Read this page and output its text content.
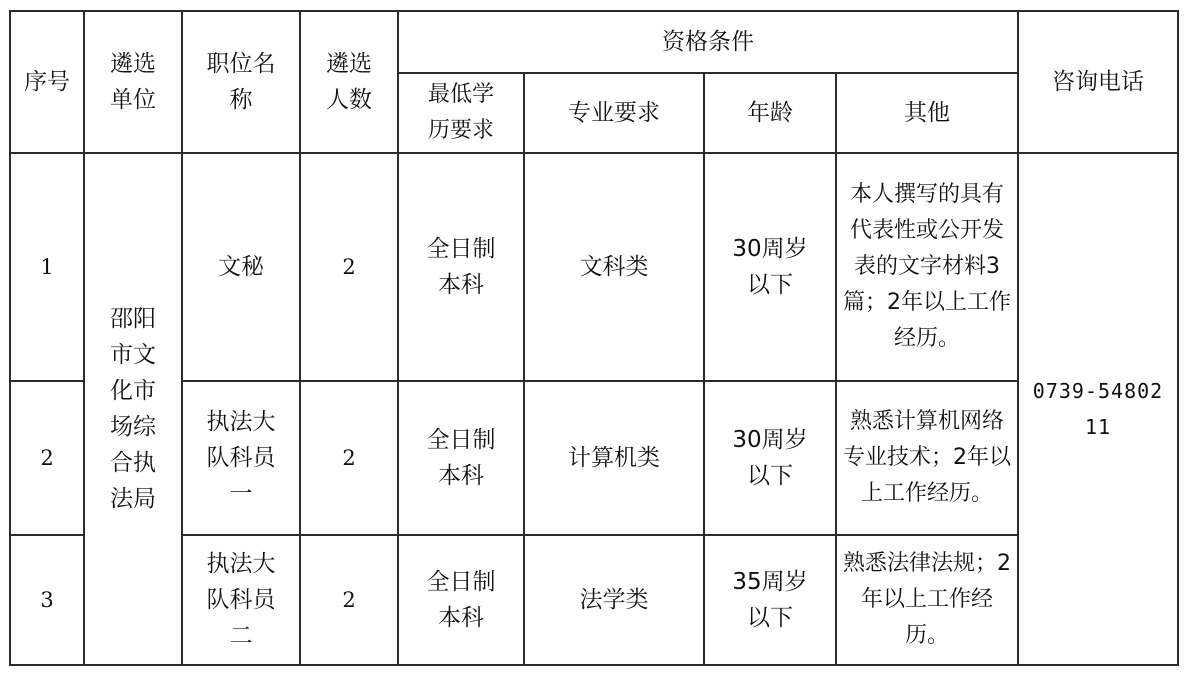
序号	遴选单位	职位名称	遴选人数	资格条件				咨询电话
				最低学历要求	专业要求	年龄	其他	
1	邵阳市文化市场综合执法局	文秘	2	全日制本科	文科类	30周岁以下	本人撰写的具有代表性或公开发表的文字材料3篇；2年以上工作经历。	0739-5480211
2		执法大队科员一	2	全日制本科	计算机类	30周岁以下	熟悉计算机网络专业技术；2年以上工作经历。	
3		执法大队科员二	2	全日制本科	法学类	35周岁以下	熟悉法律法规；2年以上工作经历。	
